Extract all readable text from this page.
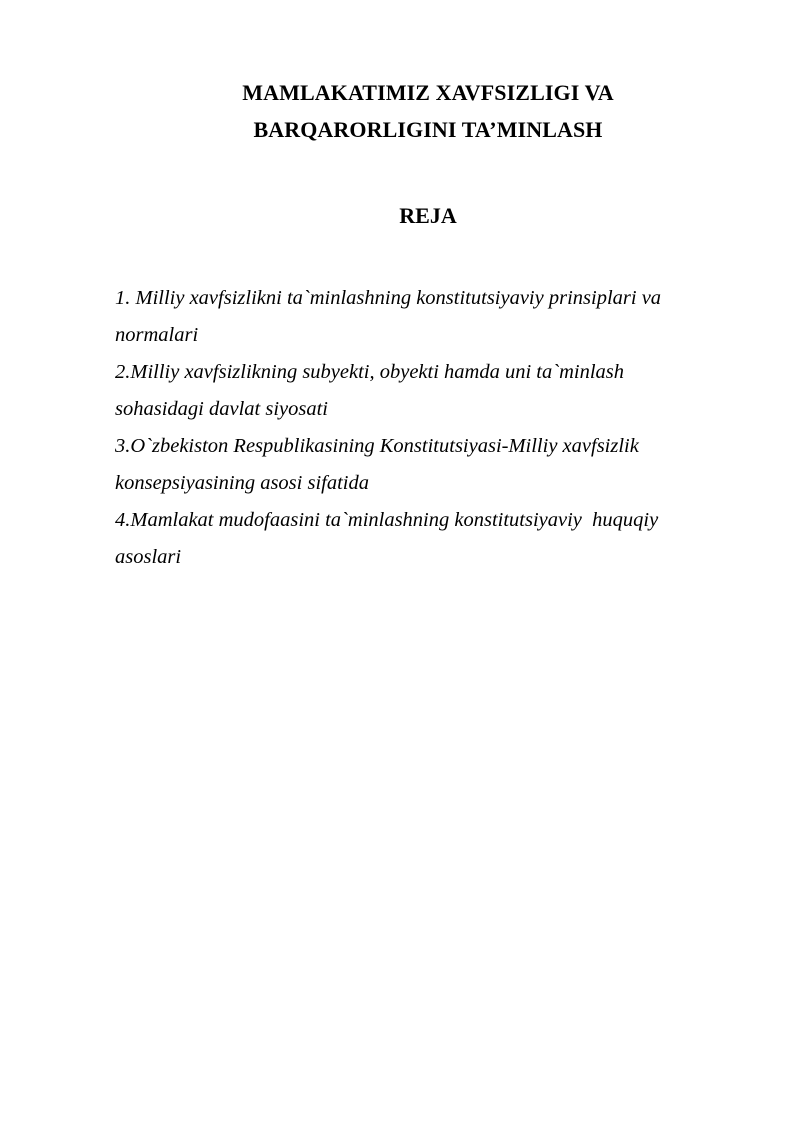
MAMLAKATIMIZ XAVFSIZLIGI VA
BARQARORLIGINI TA’MINLASH
REJA
1. Milliy xavfsizlikni ta`minlashning konstitutsiyaviy prinsiplari va
normalari
2.Milliy xavfsizlikning subyekti, obyekti hamda uni ta`minlash
sohasidagi davlat siyosati
3.O`zbekiston Respublikasining Konstitutsiyasi-Milliy xavfsizlik
konsepsiyasining asosi sifatida
4.Mamlakat mudofaasini ta`minlashning konstitutsiyaviy  huquqiy
asoslari
